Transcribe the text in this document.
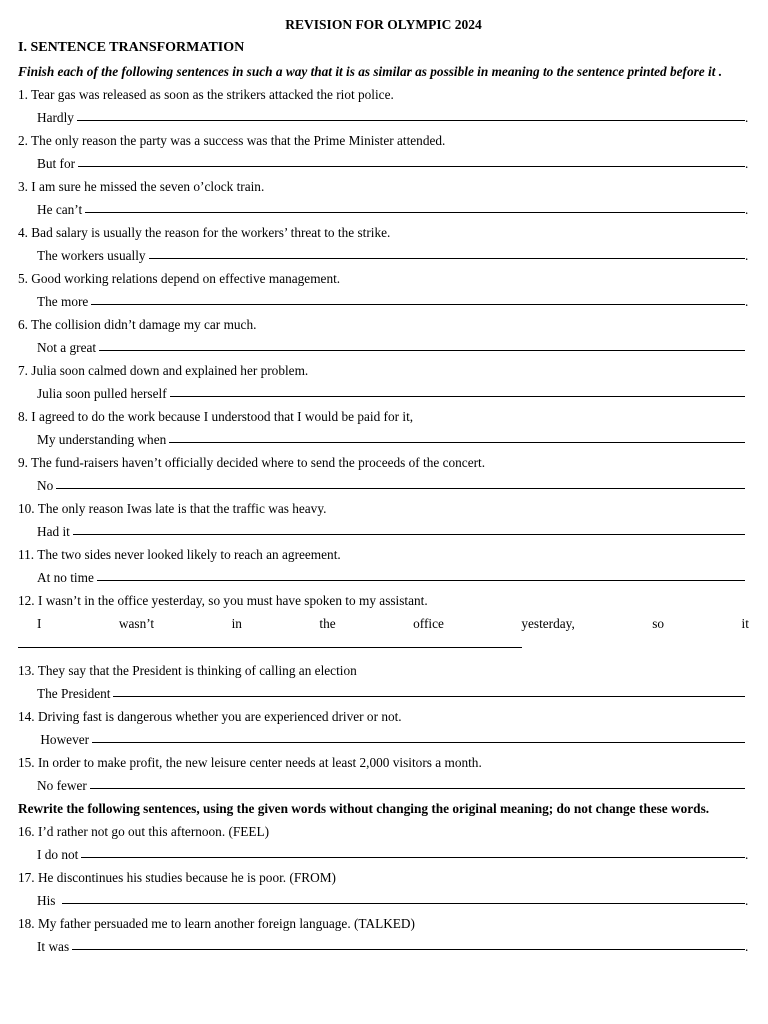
REVISION FOR OLYMPIC 2024
I. SENTENCE TRANSFORMATION
Finish each of the following sentences in such a way that it is as similar as possible in meaning to the sentence printed before it .
1. Tear gas was released as soon as the strikers attacked the riot police.
Hardly	.
2. The only reason the party was a success was that the Prime Minister attended.
But for	.
3. I am sure he missed the seven o’clock train.
He can’t	.
4. Bad salary is usually the reason for the workers’ threat to the strike.
The workers usually	.
5. Good working relations depend on effective management.
The more	.
6. The collision didn’t damage my car much.
Not a great
7. Julia soon calmed down and explained her problem.
Julia soon pulled herself
8. I agreed to do the work because I understood that I would be paid for it,
My understanding when
9. The fund-raisers haven’t officially decided where to send the proceeds of the concert.
No
10. The only reason Iwas late is that the traffic was heavy.
Had it
11. The two sides never looked likely to reach an agreement.
At no time
12. I wasn’t in the office yesterday, so you must have spoken to my assistant.
I	wasn’t	in	the	office	yesterday,	so	it
13. They say that the President is thinking of calling an election
The President
14. Driving fast is dangerous whether you are experienced driver or not.
However
15. In order to make profit, the new leisure center needs at least 2,000 visitors a month.
No fewer
Rewrite the following sentences, using the given words without changing the original meaning; do not change these words.
16. I’d rather not go out this afternoon. (FEEL)
I do not	.
17. He discontinues his studies because he is poor. (FROM)
His	.
18. My father persuaded me to learn another foreign language. (TALKED)
It was	.
